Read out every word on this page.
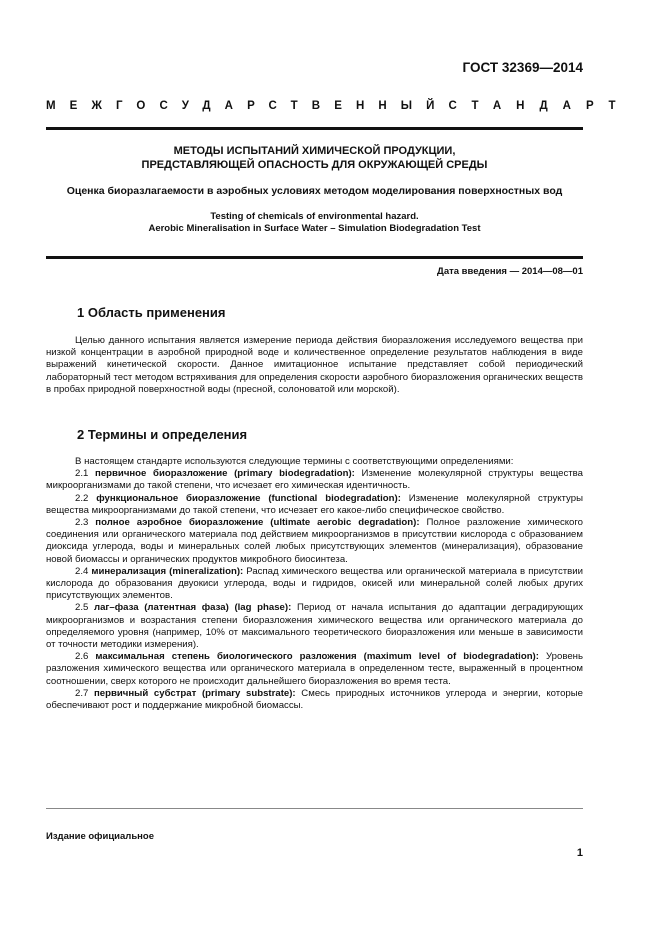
ГОСТ 32369—2014
МЕЖГОСУДАРСТВЕННЫЙ СТАНДАРТ
МЕТОДЫ ИСПЫТАНИЙ ХИМИЧЕСКОЙ ПРОДУКЦИИ,
ПРЕДСТАВЛЯЮЩЕЙ ОПАСНОСТЬ ДЛЯ ОКРУЖАЮЩЕЙ СРЕДЫ
Оценка биоразлагаемости в аэробных условиях методом моделирования поверхностных вод
Testing of chemicals of environmental hazard.
Aerobic Mineralisation in Surface Water – Simulation Biodegradation Test
Дата введения — 2014—08—01
1 Область применения

Целью данного испытания является измерение периода действия биоразложения исследуемого вещества при низкой концентрации в аэробной природной воде и количественное определение результатов наблюдения в виде выражений кинетической скорости. Данное имитационное испытание представляет собой периодический лабораторный тест методом встряхивания для определения скорости аэробного биоразложения органических веществ в пробах природной поверхностной воды (пресной, солоноватой или морской).

2 Термины и определения

В настоящем стандарте используются следующие термины с соответствующими определениями:

2.1 первичное биоразложение (primary biodegradation): Изменение молекулярной структуры вещества микроорганизмами до такой степени, что исчезает его химическая идентичность.

2.2 функциональное биоразложение (functional biodegradation): Изменение молекулярной структуры вещества микроорганизмами до такой степени, что исчезает его какое-либо специфическое свойство.

2.3 полное аэробное биоразложение (ultimate aerobic degradation): Полное разложение химического соединения или органического материала под действием микроорганизмов в присутствии кислорода с образованием диоксида углерода, воды и минеральных солей любых присутствующих элементов (минерализация), образование новой биомассы и органических продуктов микробного биосинтеза.

2.4 минерализация (mineralization): Распад химического вещества или органической материала в присутствии кислорода до образования двуокиси углерода, воды и гидридов, окисей или минеральной солей любых других присутствующих элементов.

2.5 лаг–фаза (латентная фаза) (lag phase): Период от начала испытания до адаптации деградирующих микроорганизмов и возрастания степени биоразложения химического вещества или органического материала до определяемого уровня (например, 10% от максимального теоретического биоразложения или меньше в зависимости от точности методики измерения).

2.6 максимальная степень биологического разложения (maximum level of biodegradation): Уровень разложения химического вещества или органического материала в определенном тесте, выраженный в процентном соотношении, сверх которого не происходит дальнейшего биоразложения во время теста.

2.7 первичный субстрат (primary substrate): Смесь природных источников углерода и энергии, которые обеспечивают рост и поддержание микробной биомассы.

Издание официальное
1
